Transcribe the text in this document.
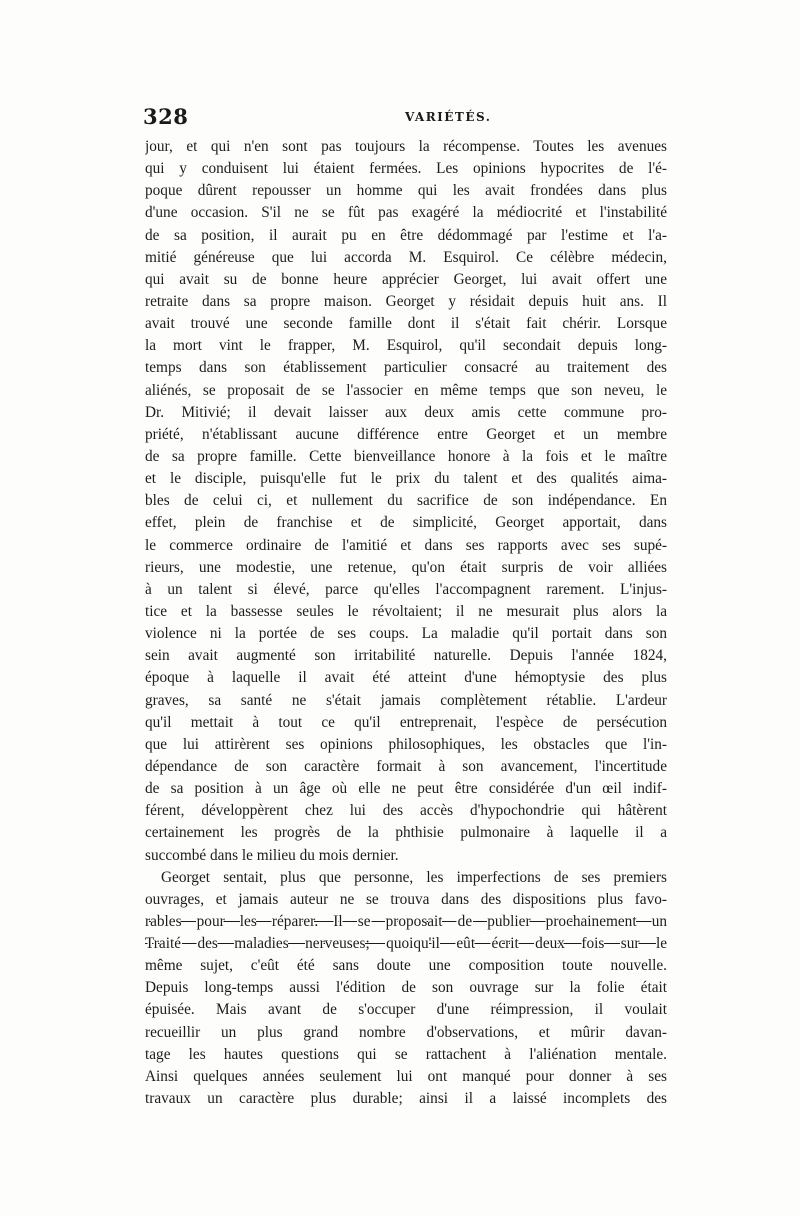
328	VARIÉTÉS.
jour, et qui n'en sont pas toujours la récompense. Toutes les avenues
qui y conduisent lui étaient fermées. Les opinions hypocrites de l'é-
poque dûrent repousser un homme qui les avait frondées dans plus
d'une occasion. S'il ne se fût pas exagéré la médiocrité et l'instabilité
de sa position, il aurait pu en être dédommagé par l'estime et l'a-
mitié généreuse que lui accorda M. Esquirol. Ce célèbre médecin,
qui avait su de bonne heure apprécier Georget, lui avait offert une
retraite dans sa propre maison. Georget y résidait depuis huit ans. Il
avait trouvé une seconde famille dont il s'était fait chérir. Lorsque
la mort vint le frapper, M. Esquirol, qu'il secondait depuis long-
temps dans son établissement particulier consacré au traitement des
aliénés, se proposait de se l'associer en même temps que son neveu, le
Dr. Mitivié; il devait laisser aux deux amis cette commune pro-
priété, n'établissant aucune différence entre Georget et un membre
de sa propre famille. Cette bienveillance honore à la fois et le maître
et le disciple, puisqu'elle fut le prix du talent et des qualités aima-
bles de celui ci, et nullement du sacrifice de son indépendance. En
effet, plein de franchise et de simplicité, Georget apportait, dans
le commerce ordinaire de l'amitié et dans ses rapports avec ses supé-
rieurs, une modestie, une retenue, qu'on était surpris de voir alliées
à un talent si élevé, parce qu'elles l'accompagnent rarement. L'injus-
tice et la bassesse seules le révoltaient; il ne mesurait plus alors la
violence ni la portée de ses coups. La maladie qu'il portait dans son
sein avait augmenté son irritabilité naturelle. Depuis l'année 1824,
époque à laquelle il avait été atteint d'une hémoptysie des plus
graves, sa santé ne s'était jamais complètement rétablie. L'ardeur
qu'il mettait à tout ce qu'il entreprenait, l'espèce de persécution
que lui attirèrent ses opinions philosophiques, les obstacles que l'in-
dépendance de son caractère formait à son avancement, l'incertitude
de sa position à un âge où elle ne peut être considérée d'un œil indif-
férent, développèrent chez lui des accès d'hypochondrie qui hâtèrent
certainement les progrès de la phthisie pulmonaire à laquelle il a
succombé dans le milieu du mois dernier.
Georget sentait, plus que personne, les imperfections de ses premiers
ouvrages, et jamais auteur ne se trouva dans des dispositions plus favo-
rables pour les réparer. Il se proposait de publier prochainement un
Traité des maladies nerveuses; quoiqu'il eût écrit deux fois sur le
même sujet, c'eût été sans doute une composition toute nouvelle.
Depuis long-temps aussi l'édition de son ouvrage sur la folie était
épuisée. Mais avant de s'occuper d'une réimpression, il voulait
recueillir un plus grand nombre d'observations, et mûrir davan-
tage les hautes questions qui se rattachent à l'aliénation mentale.
Ainsi quelques années seulement lui ont manqué pour donner à ses
travaux un caractère plus durable; ainsi il a laissé incomplets des
